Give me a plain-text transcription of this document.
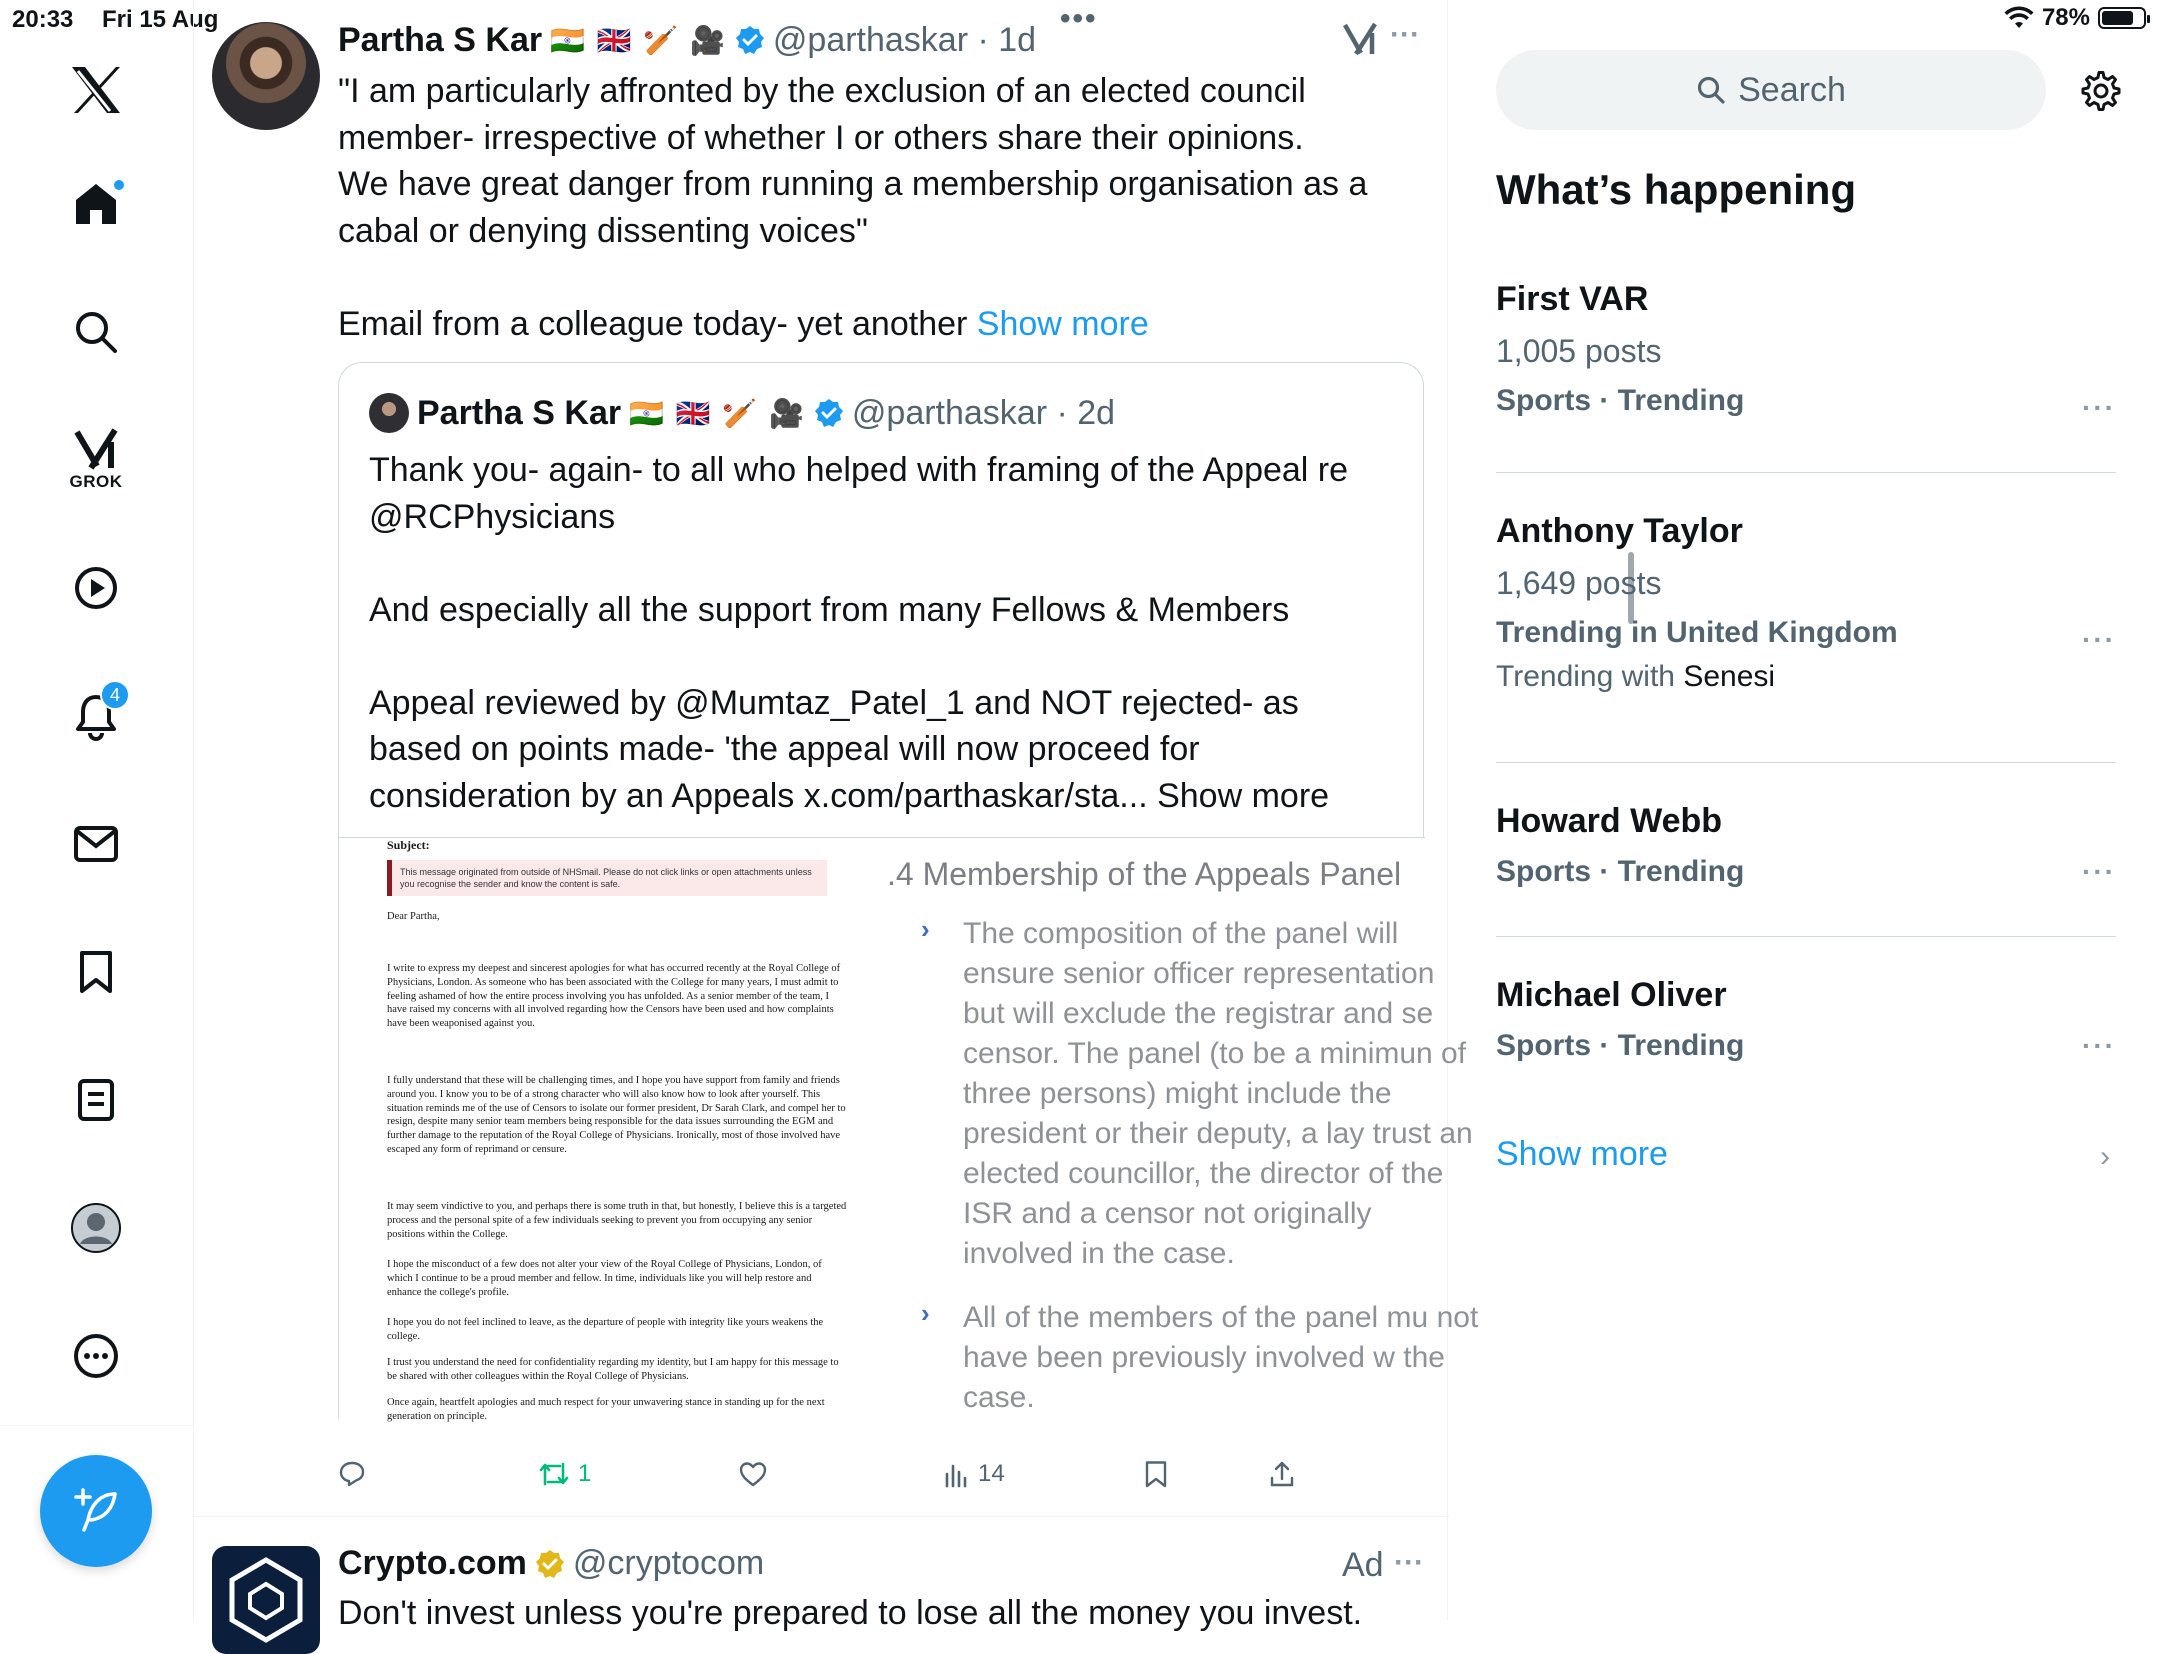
20:33 Fri 15 Aug	78%
GROK
4
Partha S Kar 🇮🇳 🇬🇧 🏏 🎥 @parthaskar · 1d
•••	···
"I am particularly affronted by the exclusion of an elected council member- irrespective of whether I or others share their opinions.
We have great danger from running a membership organisation as a cabal or denying dissenting voices"

Email from a colleague today- yet another Show more
Partha S Kar 🇮🇳 🇬🇧 🏏 🎥 @parthaskar · 2d
Thank you- again- to all who helped with framing of the Appeal re @RCPhysicians

And especially all the support from many Fellows & Members

Appeal reviewed by @Mumtaz_Patel_1 and NOT rejected- as based on points made- 'the appeal will now proceed for consideration by an Appeals x.com/parthaskar/sta... Show more
Subject:
This message originated from outside of NHSmail. Please do not click links or open attachments unless you recognise the sender and know the content is safe.
Dear Partha,
I write to express my deepest and sincerest apologies for what has occurred recently at the Royal College of Physicians, London. As someone who has been associated with the College for many years, I must admit to feeling ashamed of how the entire process involving you has unfolded. As a senior member of the team, I have raised my concerns with all involved regarding how the Censors have been used and how complaints have been weaponised against you.
I fully understand that these will be challenging times, and I hope you have support from family and friends around you. I know you to be of a strong character who will also know how to look after yourself. This situation reminds me of the use of Censors to isolate our former president, Dr Sarah Clark, and compel her to resign, despite many senior team members being responsible for the data issues surrounding the EGM and further damage to the reputation of the Royal College of Physicians. Ironically, most of those involved have escaped any form of reprimand or censure.
It may seem vindictive to you, and perhaps there is some truth in that, but honestly, I believe this is a targeted process and the personal spite of a few individuals seeking to prevent you from occupying any senior positions within the College.
I hope the misconduct of a few does not alter your view of the Royal College of Physicians, London, of which I continue to be a proud member and fellow. In time, individuals like you will help restore and enhance the college's profile.
I hope you do not feel inclined to leave, as the departure of people with integrity like yours weakens the college.
I trust you understand the need for confidentiality regarding my identity, but I am happy for this message to be shared with other colleagues within the Royal College of Physicians.
Once again, heartfelt apologies and much respect for your unwavering stance in standing up for the next generation on principle.
.4 Membership of the Appeals Panel
› The composition of the panel will ensure senior officer representation but will exclude the registrar and se censor. The panel (to be a minimun of three persons) might include the president or their deputy, a lay trust an elected councillor, the director of the ISR and a censor not originally involved in the case.
› All of the members of the panel mu not have been previously involved w the case.
1	14
Crypto.com @cryptocom	Ad ···
Don't invest unless you're prepared to lose all the money you invest.
Search
What’s happening
First VAR
1,005 posts
Sports · Trending	···
Anthony Taylor
1,649 posts
Trending in United Kingdom
Trending with Senesi
···
Howard Webb
Sports · Trending	···
Michael Oliver
Sports · Trending	···
Show more	›
